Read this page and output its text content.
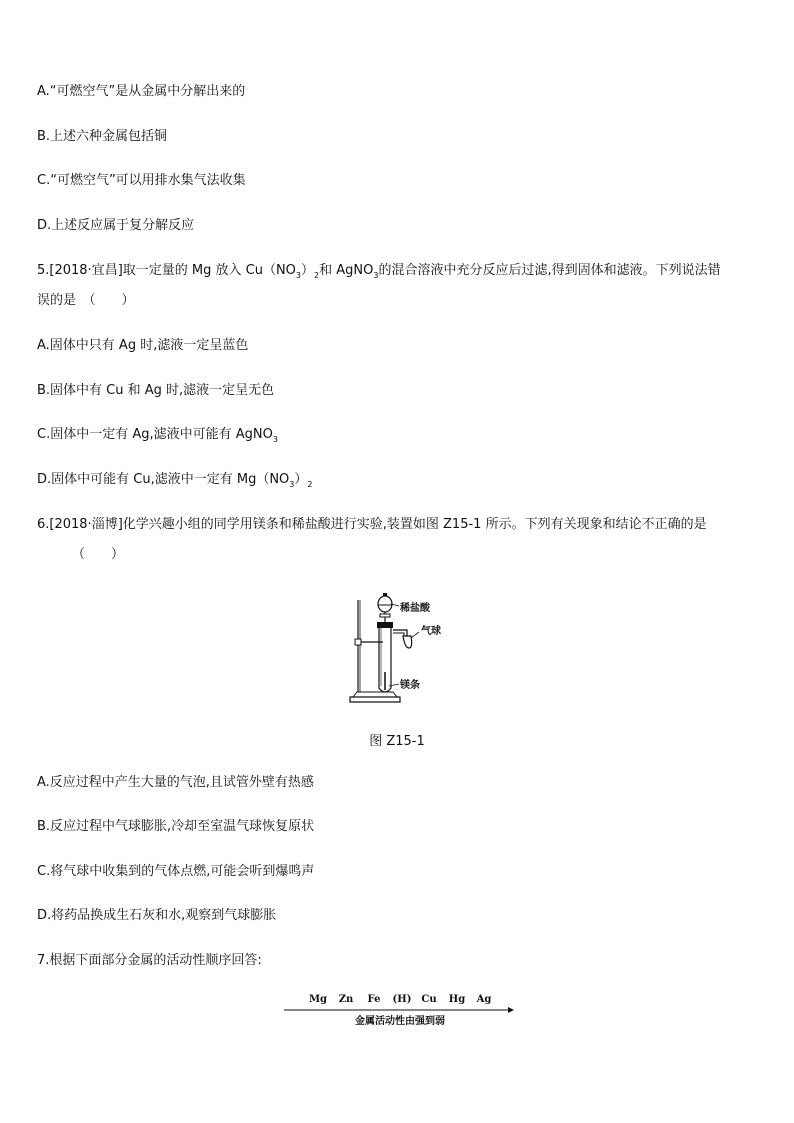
A.“可燃空气”是从金属中分解出来的
B.上述六种金属包括铜
C.“可燃空气”可以用排水集气法收集
D.上述反应属于复分解反应
5.[2018·宜昌]取一定量的 Mg 放入 $Cu(NO_3)_2$和 AgNO$_3$的混合溶液中充分反应后过滤,得到固体和滤液。下列说法错
误的是　（　　）
A.固体中只有 Ag 时,滤液一定呈蓝色
B.固体中有 Cu 和 Ag 时,滤液一定呈无色
C.固体中一定有 Ag,滤液中可能有 AgNO$_3$
D.固体中可能有 Cu,滤液中一定有 $Mg(NO_3)_2$
6.[2018·淄博]化学兴趣小组的同学用镁条和稀盐酸进行实验,装置如图 Z15-1 所示。下列有关现象和结论不正确的是
（　　）
稀盐酸
气球
镁条
图 Z15-1
A.反应过程中产生大量的气泡,且试管外壁有热感
B.反应过程中气球膨胀,冷却至室温气球恢复原状
C.将气球中收集到的气体点燃,可能会听到爆鸣声
D.将药品换成生石灰和水,观察到气球膨胀
7.根据下面部分金属的活动性顺序回答:
Mg Zn Fe (H) Cu Hg Ag
金属活动性由强到弱
